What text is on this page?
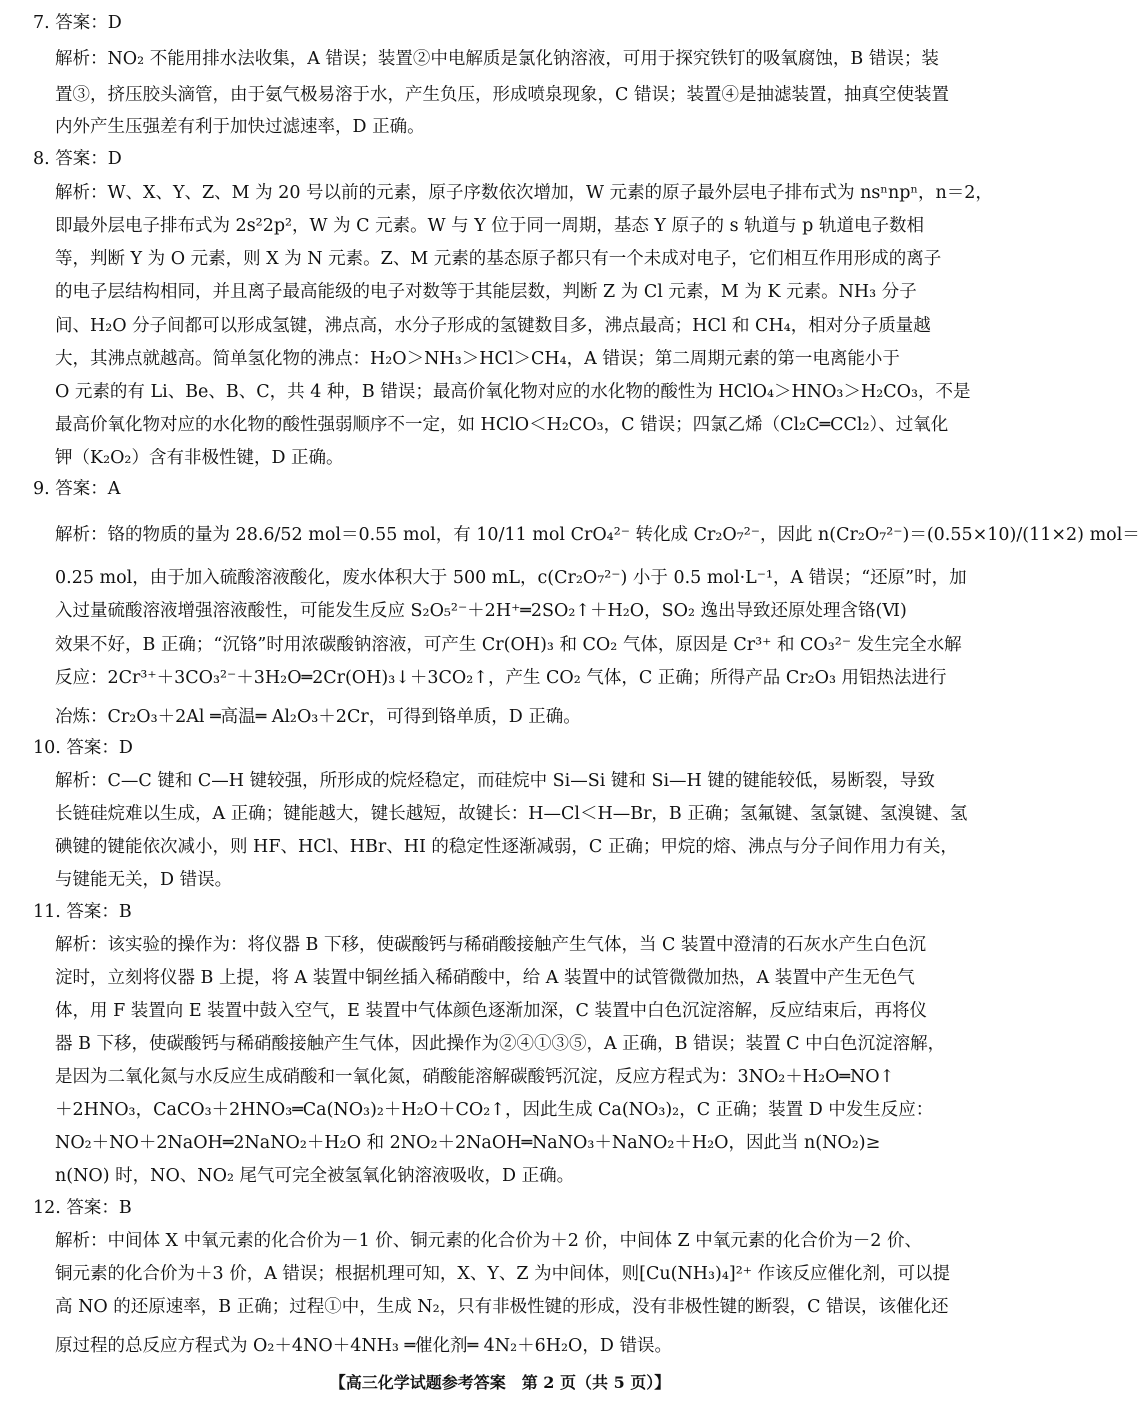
7. 答案：D
解析：NO₂ 不能用排水法收集，A 错误；装置②中电解质是氯化钠溶液，可用于探究铁钉的吸氧腐蚀，B 错误；装
置③，挤压胶头滴管，由于氨气极易溶于水，产生负压，形成喷泉现象，C 错误；装置④是抽滤装置，抽真空使装置
内外产生压强差有利于加快过滤速率，D 正确。
8. 答案：D
解析：W、X、Y、Z、M 为 20 号以前的元素，原子序数依次增加，W 元素的原子最外层电子排布式为 nsⁿnpⁿ，n＝2，
即最外层电子排布式为 2s²2p²，W 为 C 元素。W 与 Y 位于同一周期，基态 Y 原子的 s 轨道与 p 轨道电子数相
等，判断 Y 为 O 元素，则 X 为 N 元素。Z、M 元素的基态原子都只有一个未成对电子，它们相互作用形成的离子
的电子层结构相同，并且离子最高能级的电子对数等于其能层数，判断 Z 为 Cl 元素，M 为 K 元素。NH₃ 分子
间、H₂O 分子间都可以形成氢键，沸点高，水分子形成的氢键数目多，沸点最高；HCl 和 CH₄，相对分子质量越
大，其沸点就越高。简单氢化物的沸点：H₂O＞NH₃＞HCl＞CH₄，A 错误；第二周期元素的第一电离能小于
O 元素的有 Li、Be、B、C，共 4 种，B 错误；最高价氧化物对应的水化物的酸性为 HClO₄＞HNO₃＞H₂CO₃，不是
最高价氧化物对应的水化物的酸性强弱顺序不一定，如 HClO＜H₂CO₃，C 错误；四氯乙烯（Cl₂C═CCl₂）、过氧化
钾（K₂O₂）含有非极性键，D 正确。
9. 答案：A
解析：铬的物质的量为 28.6/52 mol＝0.55 mol，有 10/11 mol CrO₄²⁻ 转化成 Cr₂O₇²⁻，因此 n(Cr₂O₇²⁻)＝(0.55×10)/(11×2) mol＝
0.25 mol，由于加入硫酸溶液酸化，废水体积大于 500 mL，c(Cr₂O₇²⁻) 小于 0.5 mol·L⁻¹，A 错误；“还原”时，加
入过量硫酸溶液增强溶液酸性，可能发生反应 S₂O₅²⁻＋2H⁺═2SO₂↑＋H₂O，SO₂ 逸出导致还原处理含铬(Ⅵ)
效果不好，B 正确；“沉铬”时用浓碳酸钠溶液，可产生 Cr(OH)₃ 和 CO₂ 气体，原因是 Cr³⁺ 和 CO₃²⁻ 发生完全水解
反应：2Cr³⁺＋3CO₃²⁻＋3H₂O═2Cr(OH)₃↓＋3CO₂↑，产生 CO₂ 气体，C 正确；所得产品 Cr₂O₃ 用铝热法进行
冶炼：Cr₂O₃＋2Al ═高温═ Al₂O₃＋2Cr，可得到铬单质，D 正确。
10. 答案：D
解析：C—C 键和 C—H 键较强，所形成的烷烃稳定，而硅烷中 Si—Si 键和 Si—H 键的键能较低，易断裂，导致
长链硅烷难以生成，A 正确；键能越大，键长越短，故键长：H—Cl＜H—Br，B 正确；氢氟键、氢氯键、氢溴键、氢
碘键的键能依次减小，则 HF、HCl、HBr、HI 的稳定性逐渐减弱，C 正确；甲烷的熔、沸点与分子间作用力有关，
与键能无关，D 错误。
11. 答案：B
解析：该实验的操作为：将仪器 B 下移，使碳酸钙与稀硝酸接触产生气体，当 C 装置中澄清的石灰水产生白色沉
淀时，立刻将仪器 B 上提，将 A 装置中铜丝插入稀硝酸中，给 A 装置中的试管微微加热，A 装置中产生无色气
体，用 F 装置向 E 装置中鼓入空气，E 装置中气体颜色逐渐加深，C 装置中白色沉淀溶解，反应结束后，再将仪
器 B 下移，使碳酸钙与稀硝酸接触产生气体，因此操作为②④①③⑤，A 正确，B 错误；装置 C 中白色沉淀溶解，
是因为二氧化氮与水反应生成硝酸和一氧化氮，硝酸能溶解碳酸钙沉淀，反应方程式为：3NO₂＋H₂O═NO↑
＋2HNO₃，CaCO₃＋2HNO₃═Ca(NO₃)₂＋H₂O＋CO₂↑，因此生成 Ca(NO₃)₂，C 正确；装置 D 中发生反应：
NO₂＋NO＋2NaOH═2NaNO₂＋H₂O 和 2NO₂＋2NaOH═NaNO₃＋NaNO₂＋H₂O，因此当 n(NO₂)≥
n(NO) 时，NO、NO₂ 尾气可完全被氢氧化钠溶液吸收，D 正确。
12. 答案：B
解析：中间体 X 中氧元素的化合价为－1 价、铜元素的化合价为＋2 价，中间体 Z 中氧元素的化合价为－2 价、
铜元素的化合价为＋3 价，A 错误；根据机理可知，X、Y、Z 为中间体，则[Cu(NH₃)₄]²⁺ 作该反应催化剂，可以提
高 NO 的还原速率，B 正确；过程①中，生成 N₂，只有非极性键的形成，没有非极性键的断裂，C 错误，该催化还
原过程的总反应方程式为 O₂＋4NO＋4NH₃ ═催化剂═ 4N₂＋6H₂O，D 错误。
【高三化学试题参考答案　第 2 页（共 5 页）】
